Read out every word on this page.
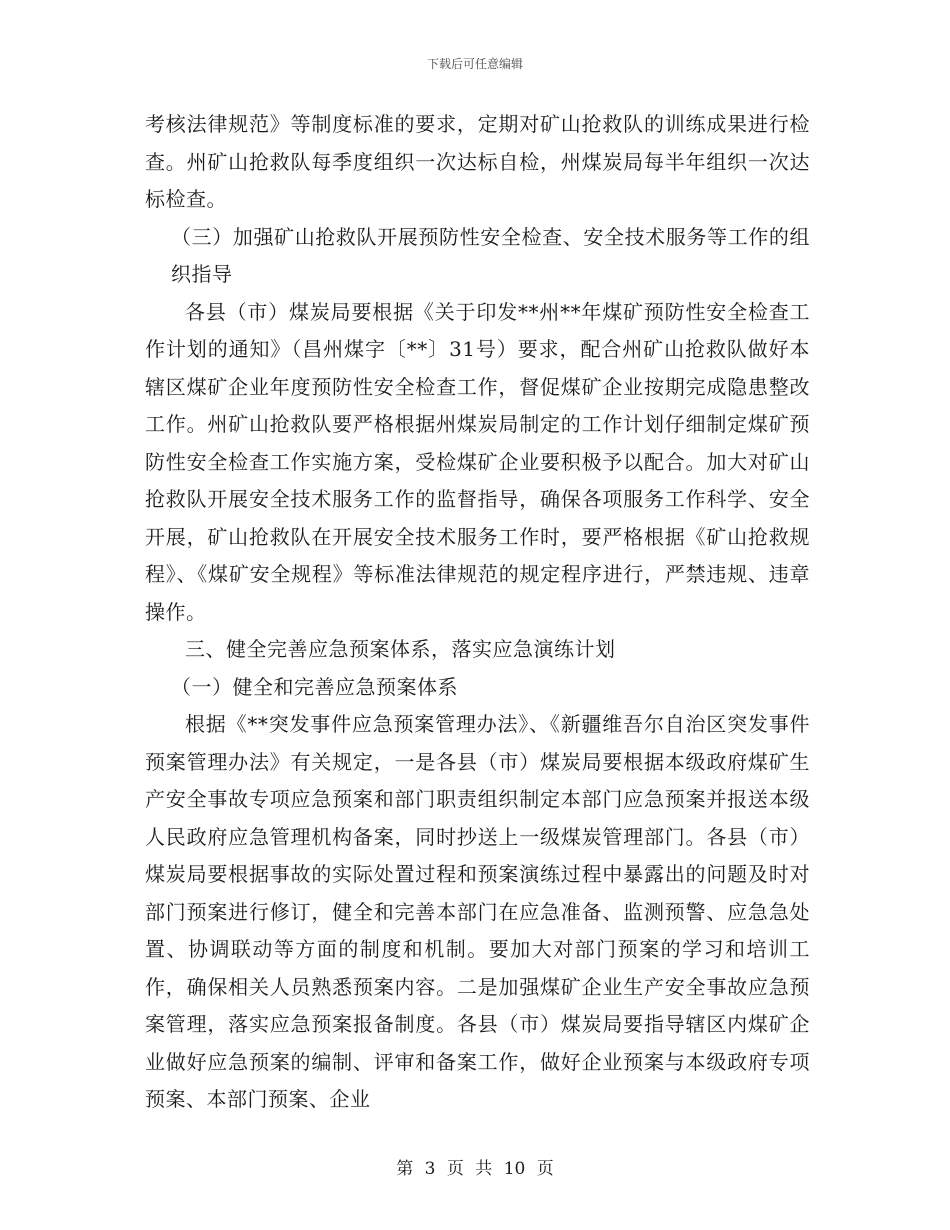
下载后可任意编辑

考核法律规范》等制度标准的要求，定期对矿山抢救队的训练成果进行检查。州矿山抢救队每季度组织一次达标自检，州煤炭局每半年组织一次达标检查。

（三）加强矿山抢救队开展预防性安全检查、安全技术服务等工作的组织指导

各县（市）煤炭局要根据《关于印发**州**年煤矿预防性安全检查工作计划的通知》（昌州煤字〔**〕31号）要求，配合州矿山抢救队做好本辖区煤矿企业年度预防性安全检查工作，督促煤矿企业按期完成隐患整改工作。州矿山抢救队要严格根据州煤炭局制定的工作计划仔细制定煤矿预防性安全检查工作实施方案，受检煤矿企业要积极予以配合。加大对矿山抢救队开展安全技术服务工作的监督指导，确保各项服务工作科学、安全开展，矿山抢救队在开展安全技术服务工作时，要严格根据《矿山抢救规程》、《煤矿安全规程》等标准法律规范的规定程序进行，严禁违规、违章操作。

三、健全完善应急预案体系，落实应急演练计划

（一）健全和完善应急预案体系

根据《**突发事件应急预案管理办法》、《新疆维吾尔自治区突发事件预案管理办法》有关规定，一是各县（市）煤炭局要根据本级政府煤矿生产安全事故专项应急预案和部门职责组织制定本部门应急预案并报送本级人民政府应急管理机构备案，同时抄送上一级煤炭管理部门。各县（市）煤炭局要根据事故的实际处置过程和预案演练过程中暴露出的问题及时对部门预案进行修订，健全和完善本部门在应急准备、监测预警、应急急处置、协调联动等方面的制度和机制。要加大对部门预案的学习和培训工作，确保相关人员熟悉预案内容。二是加强煤矿企业生产安全事故应急预案管理，落实应急预案报备制度。各县（市）煤炭局要指导辖区内煤矿企业做好应急预案的编制、评审和备案工作，做好企业预案与本级政府专项预案、本部门预案、企业

第 3 页 共 10 页
